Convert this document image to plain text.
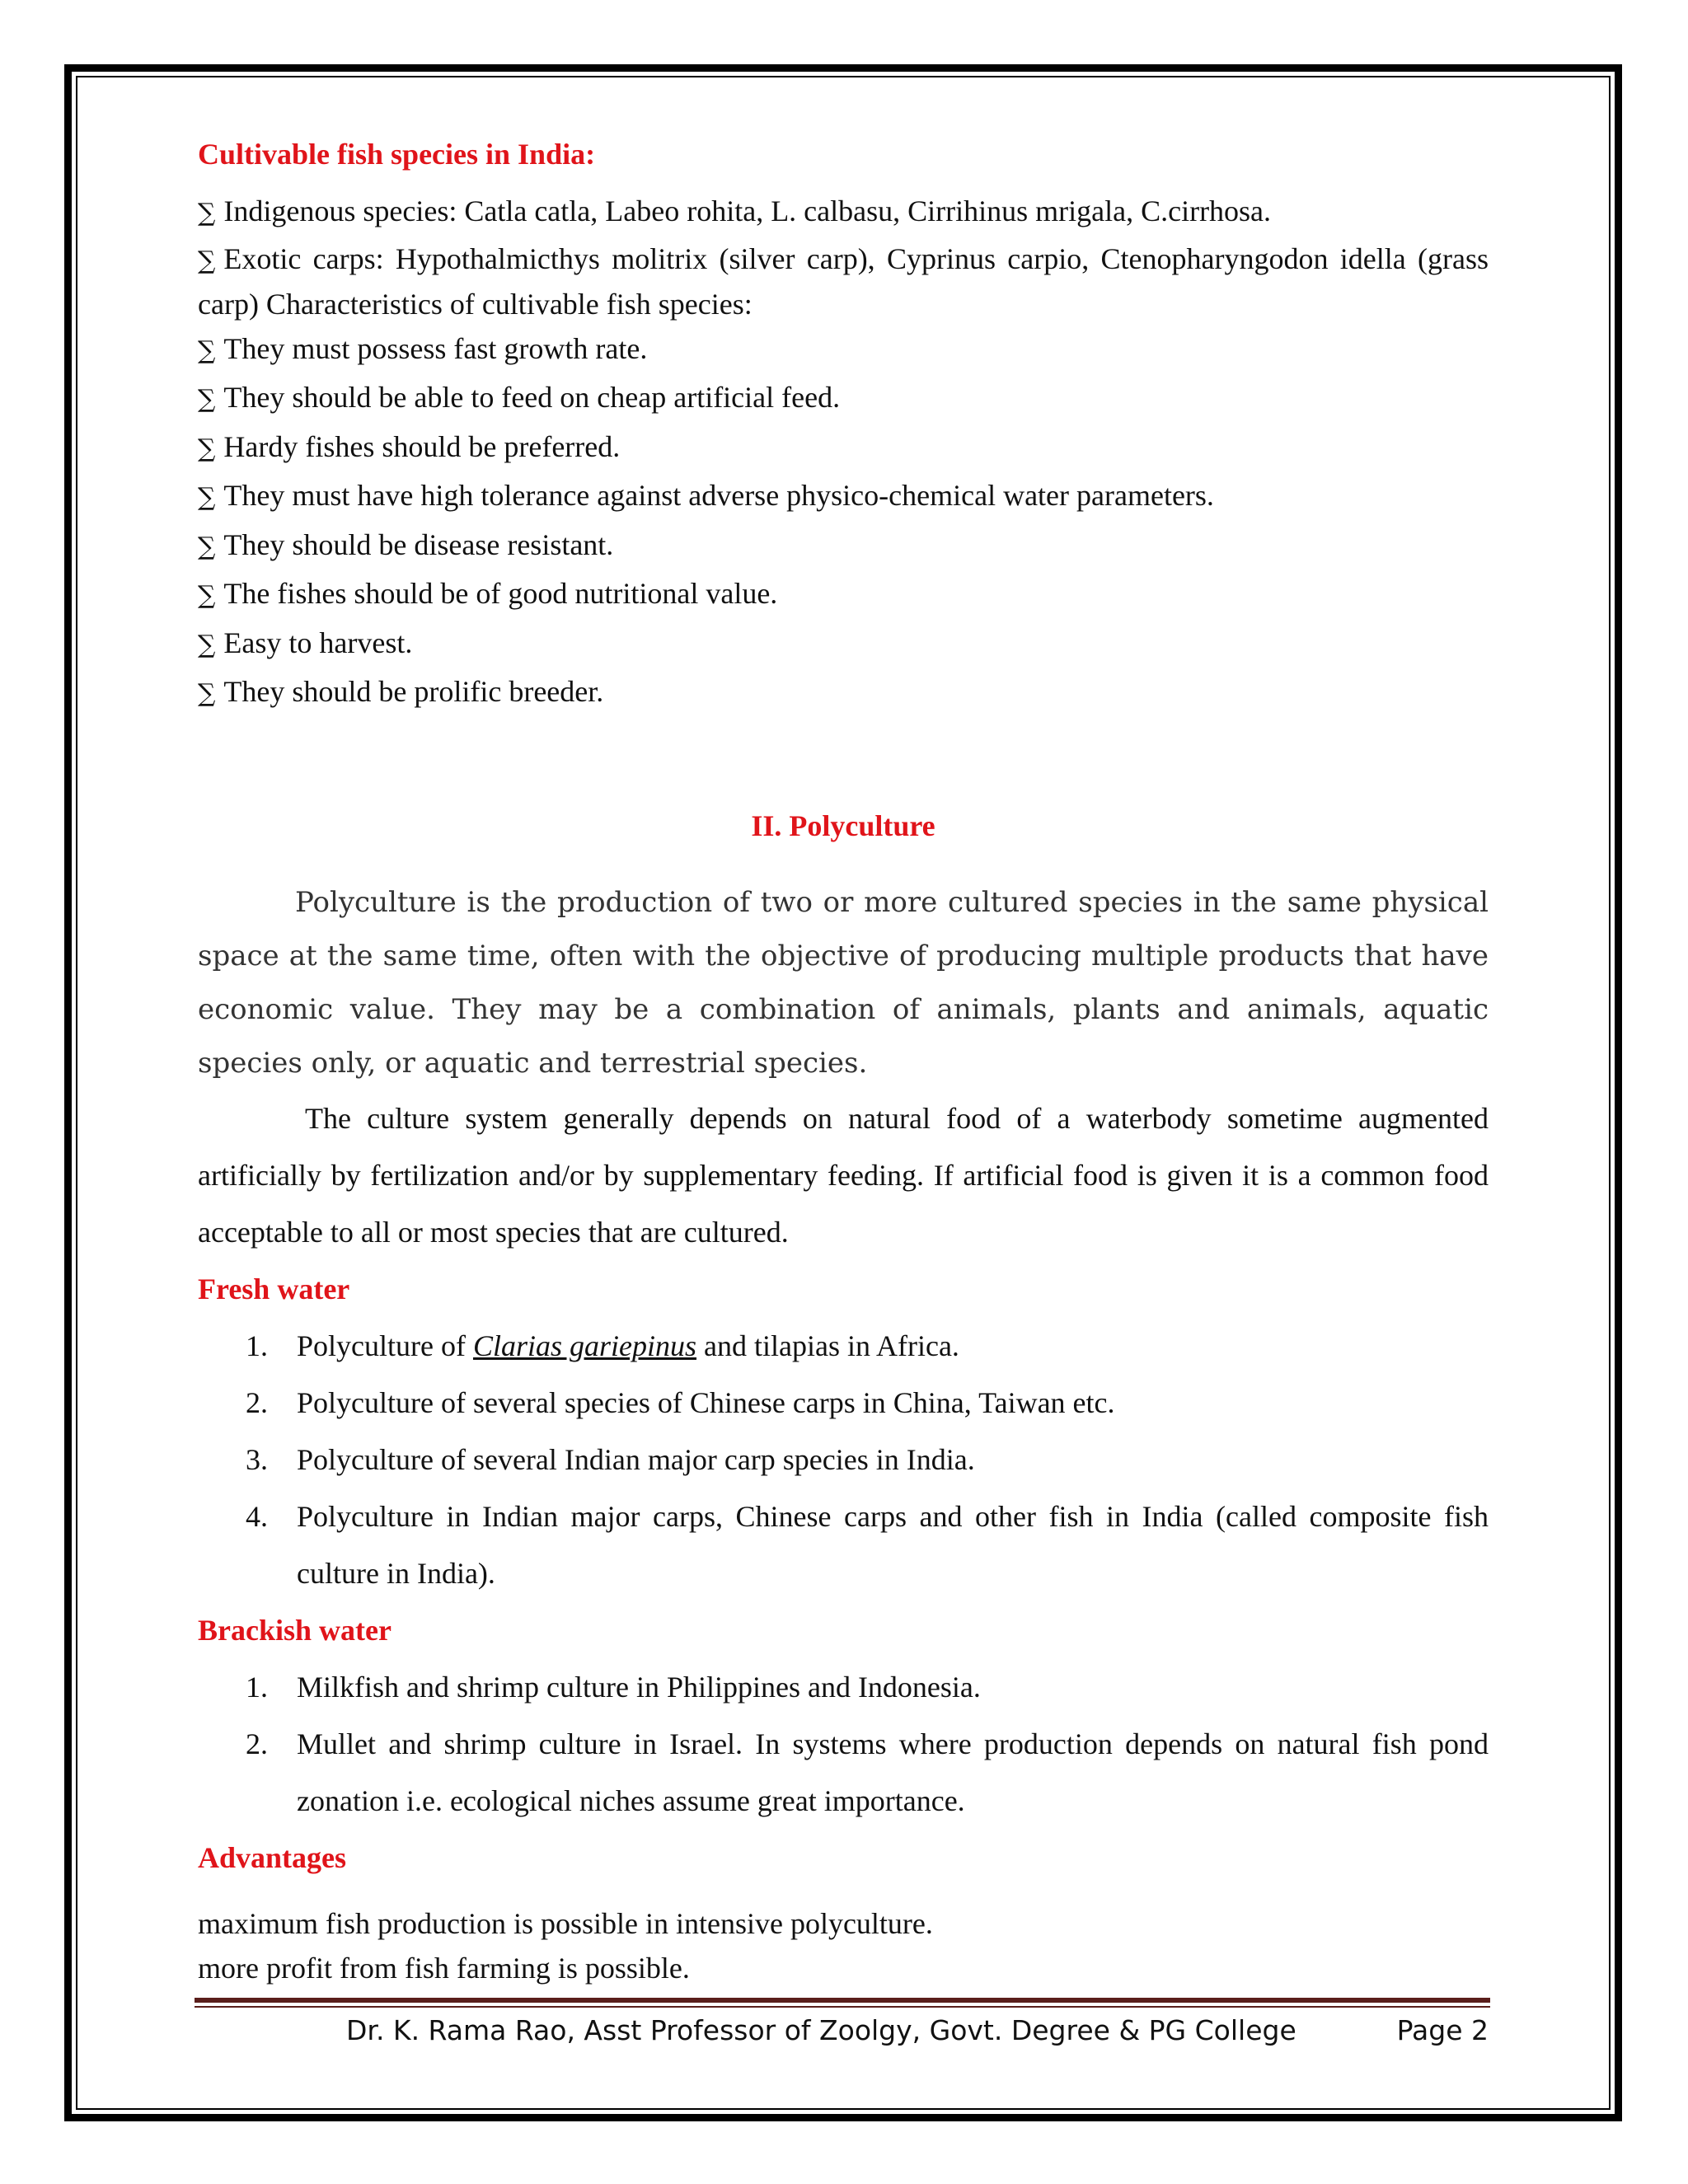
Cultivable fish species in India:
∑ Indigenous species: Catla catla, Labeo rohita, L. calbasu, Cirrihinus mrigala, C.cirrhosa.
∑ Exotic carps: Hypothalmicthys molitrix (silver carp), Cyprinus carpio, Ctenopharyngodon idella (grass carp) Characteristics of cultivable fish species:
∑ They must possess fast growth rate.
∑ They should be able to feed on cheap artificial feed.
∑ Hardy fishes should be preferred.
∑ They must have high tolerance against adverse physico-chemical water parameters.
∑ They should be disease resistant.
∑ The fishes should be of good nutritional value.
∑ Easy to harvest.
∑ They should be prolific breeder.
II. Polyculture

Polyculture is the production of two or more cultured species in the same physical space at the same time, often with the objective of producing multiple products that have economic value. They may be a combination of animals, plants and animals, aquatic species only, or aquatic and terrestrial species.

The culture system generally depends on natural food of a waterbody sometime augmented artificially by fertilization and/or by supplementary feeding. If artificial food is given it is a common food acceptable to all or most species that are cultured.

Fresh water
1. Polyculture of Clarias gariepinus and tilapias in Africa.
2. Polyculture of several species of Chinese carps in China, Taiwan etc.
3. Polyculture of several Indian major carp species in India.
4. Polyculture in Indian major carps, Chinese carps and other fish in India (called composite fish culture in India).
Brackish water
1. Milkfish and shrimp culture in Philippines and Indonesia.
2. Mullet and shrimp culture in Israel. In systems where production depends on natural fish pond zonation i.e. ecological niches assume great importance.
Advantages
maximum fish production is possible in intensive polyculture.
more profit from fish farming is possible.
Dr. K. Rama Rao, Asst Professor of Zoolgy, Govt. Degree & PG College	Page 2
